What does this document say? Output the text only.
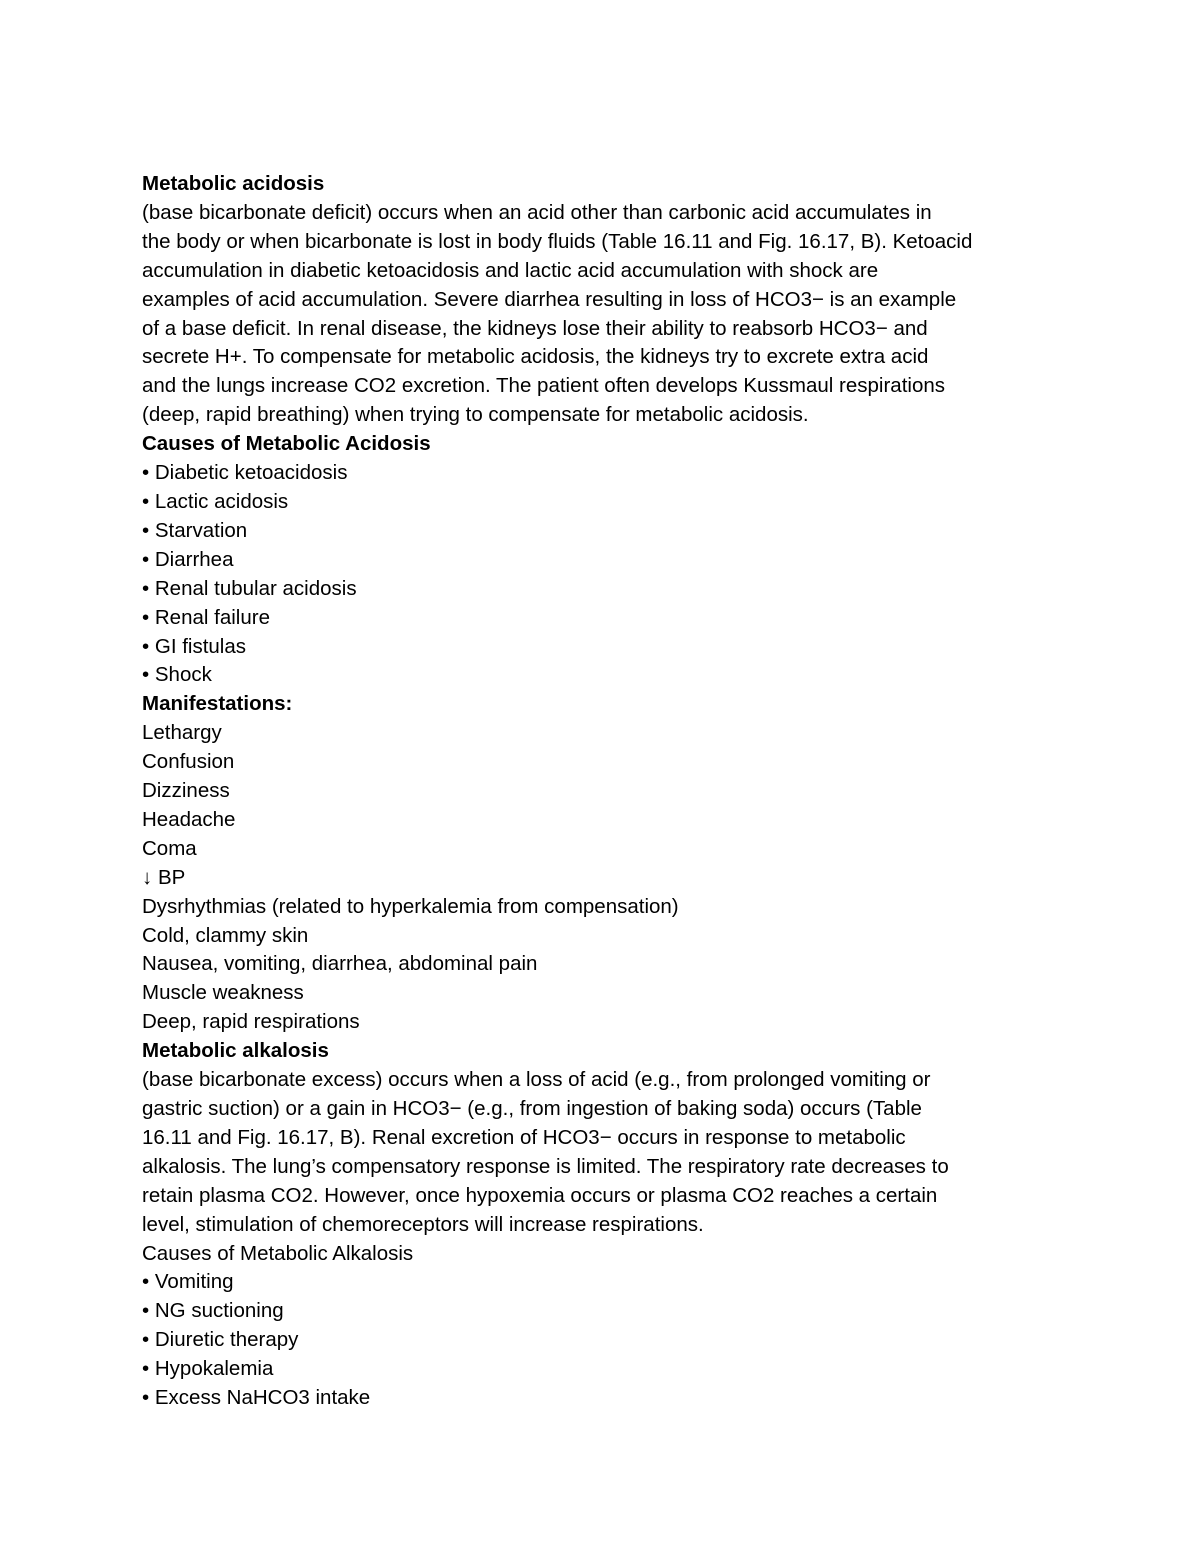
Metabolic acidosis
(base bicarbonate deficit) occurs when an acid other than carbonic acid accumulates in
the body or when bicarbonate is lost in body fluids (Table 16.11 and Fig. 16.17, B). Ketoacid
accumulation in diabetic ketoacidosis and lactic acid accumulation with shock are
examples of acid accumulation. Severe diarrhea resulting in loss of HCO3− is an example
of a base deficit. In renal disease, the kidneys lose their ability to reabsorb HCO3− and
secrete H+. To compensate for metabolic acidosis, the kidneys try to excrete extra acid
and the lungs increase CO2 excretion. The patient often develops Kussmaul respirations
(deep, rapid breathing) when trying to compensate for metabolic acidosis.
Causes of Metabolic Acidosis
• Diabetic ketoacidosis
• Lactic acidosis
• Starvation
• Diarrhea
• Renal tubular acidosis
• Renal failure
• GI fistulas
• Shock
Manifestations:
Lethargy
Confusion
Dizziness
Headache
Coma
↓ BP
Dysrhythmias (related to hyperkalemia from compensation)
Cold, clammy skin
Nausea, vomiting, diarrhea, abdominal pain
Muscle weakness
Deep, rapid respirations
Metabolic alkalosis
(base bicarbonate excess) occurs when a loss of acid (e.g., from prolonged vomiting or
gastric suction) or a gain in HCO3− (e.g., from ingestion of baking soda) occurs (Table
16.11 and Fig. 16.17, B). Renal excretion of HCO3− occurs in response to metabolic
alkalosis. The lung’s compensatory response is limited. The respiratory rate decreases to
retain plasma CO2. However, once hypoxemia occurs or plasma CO2 reaches a certain
level, stimulation of chemoreceptors will increase respirations.
Causes of Metabolic Alkalosis
• Vomiting
• NG suctioning
• Diuretic therapy
• Hypokalemia
• Excess NaHCO3 intake
